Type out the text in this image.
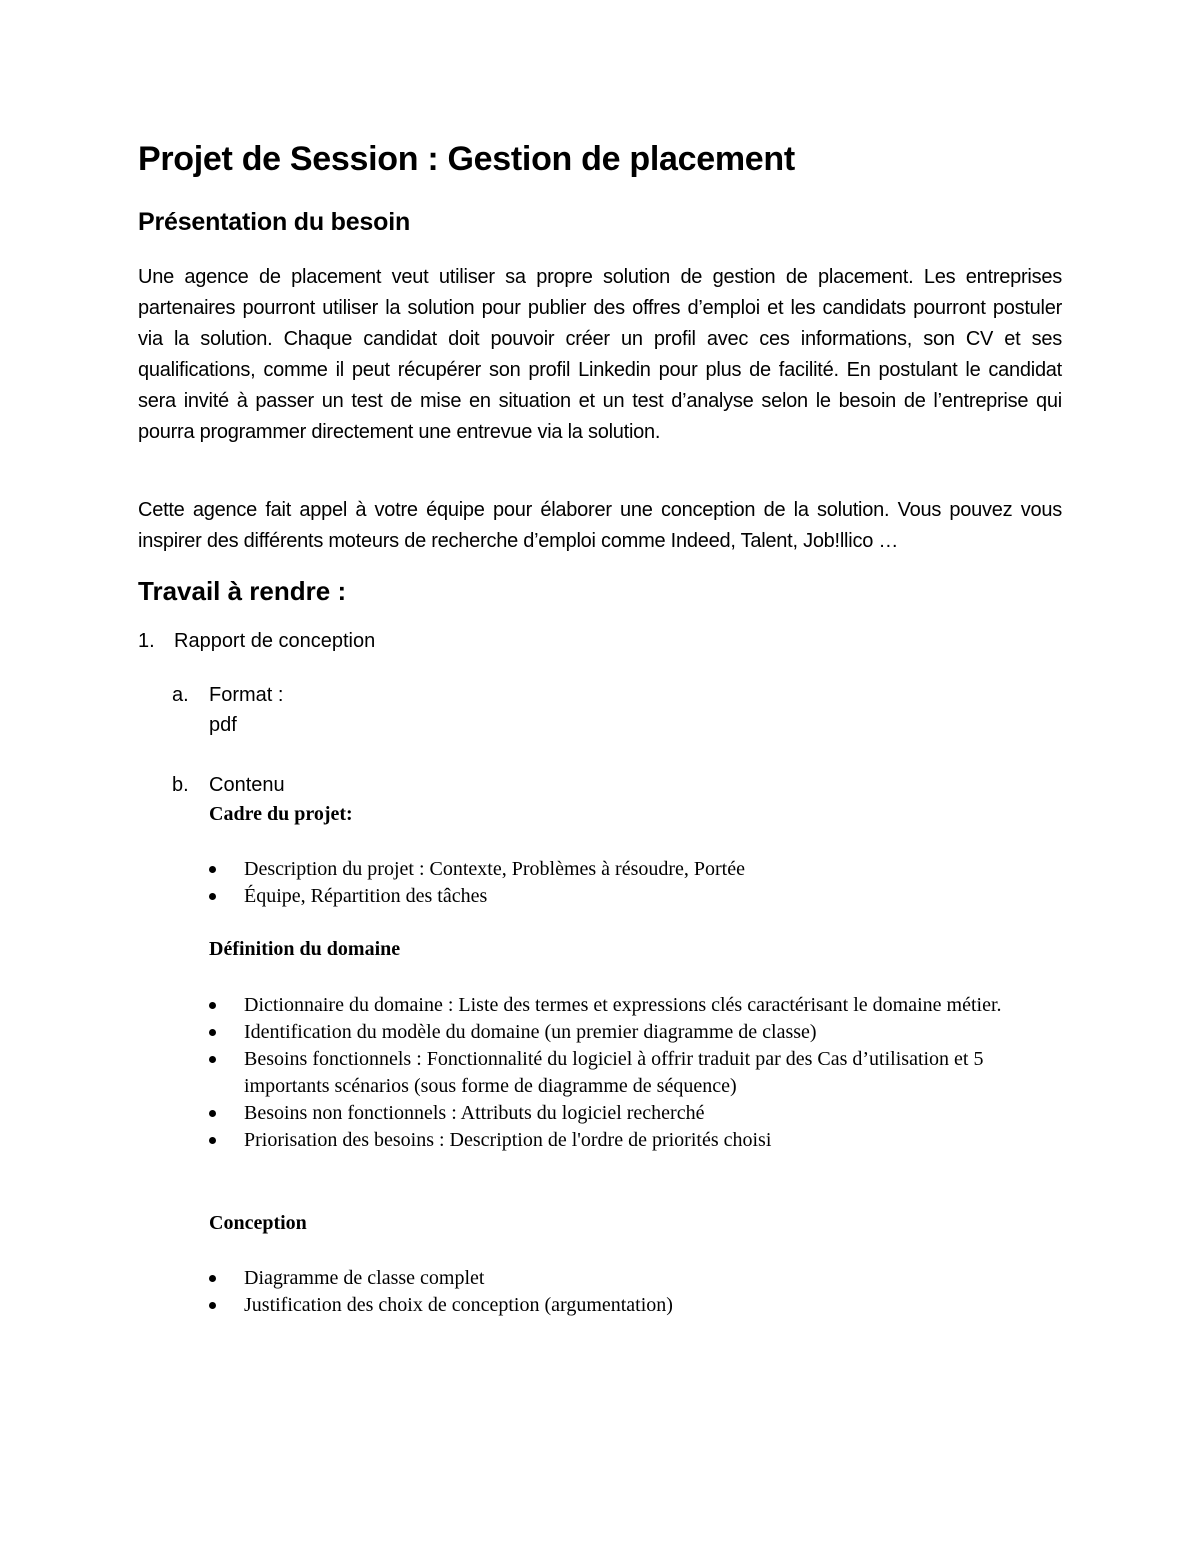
Projet de Session : Gestion de placement
Présentation du besoin
Une agence de placement veut utiliser sa propre solution de gestion de placement. Les entreprises partenaires pourront utiliser la solution pour publier des offres d’emploi et les candidats pourront postuler via la solution. Chaque candidat doit pouvoir créer un profil avec ces informations, son CV et ses qualifications, comme il peut récupérer son profil Linkedin pour plus de facilité. En postulant le candidat sera invité à passer un test de mise en situation et un test d’analyse selon le besoin de l’entreprise qui pourra programmer directement une entrevue via la solution.
Cette agence fait appel à votre équipe pour élaborer une conception de la solution. Vous pouvez vous inspirer des différents moteurs de recherche d’emploi comme Indeed, Talent, Job!llico …
Travail à rendre :
1. Rapport de conception
a. Format :
pdf
b. Contenu
Cadre du projet:
Description du projet : Contexte, Problèmes à résoudre, Portée
Équipe, Répartition des tâches
Définition du domaine
Dictionnaire du domaine : Liste des termes et expressions clés caractérisant le domaine métier.
Identification du modèle du domaine (un premier diagramme de classe)
Besoins fonctionnels : Fonctionnalité du logiciel à offrir traduit par des Cas d’utilisation et 5 importants scénarios (sous forme de diagramme de séquence)
Besoins non fonctionnels : Attributs du logiciel recherché
Priorisation des besoins : Description de l'ordre de priorités choisi
Conception
Diagramme de classe complet
Justification des choix de conception (argumentation)
